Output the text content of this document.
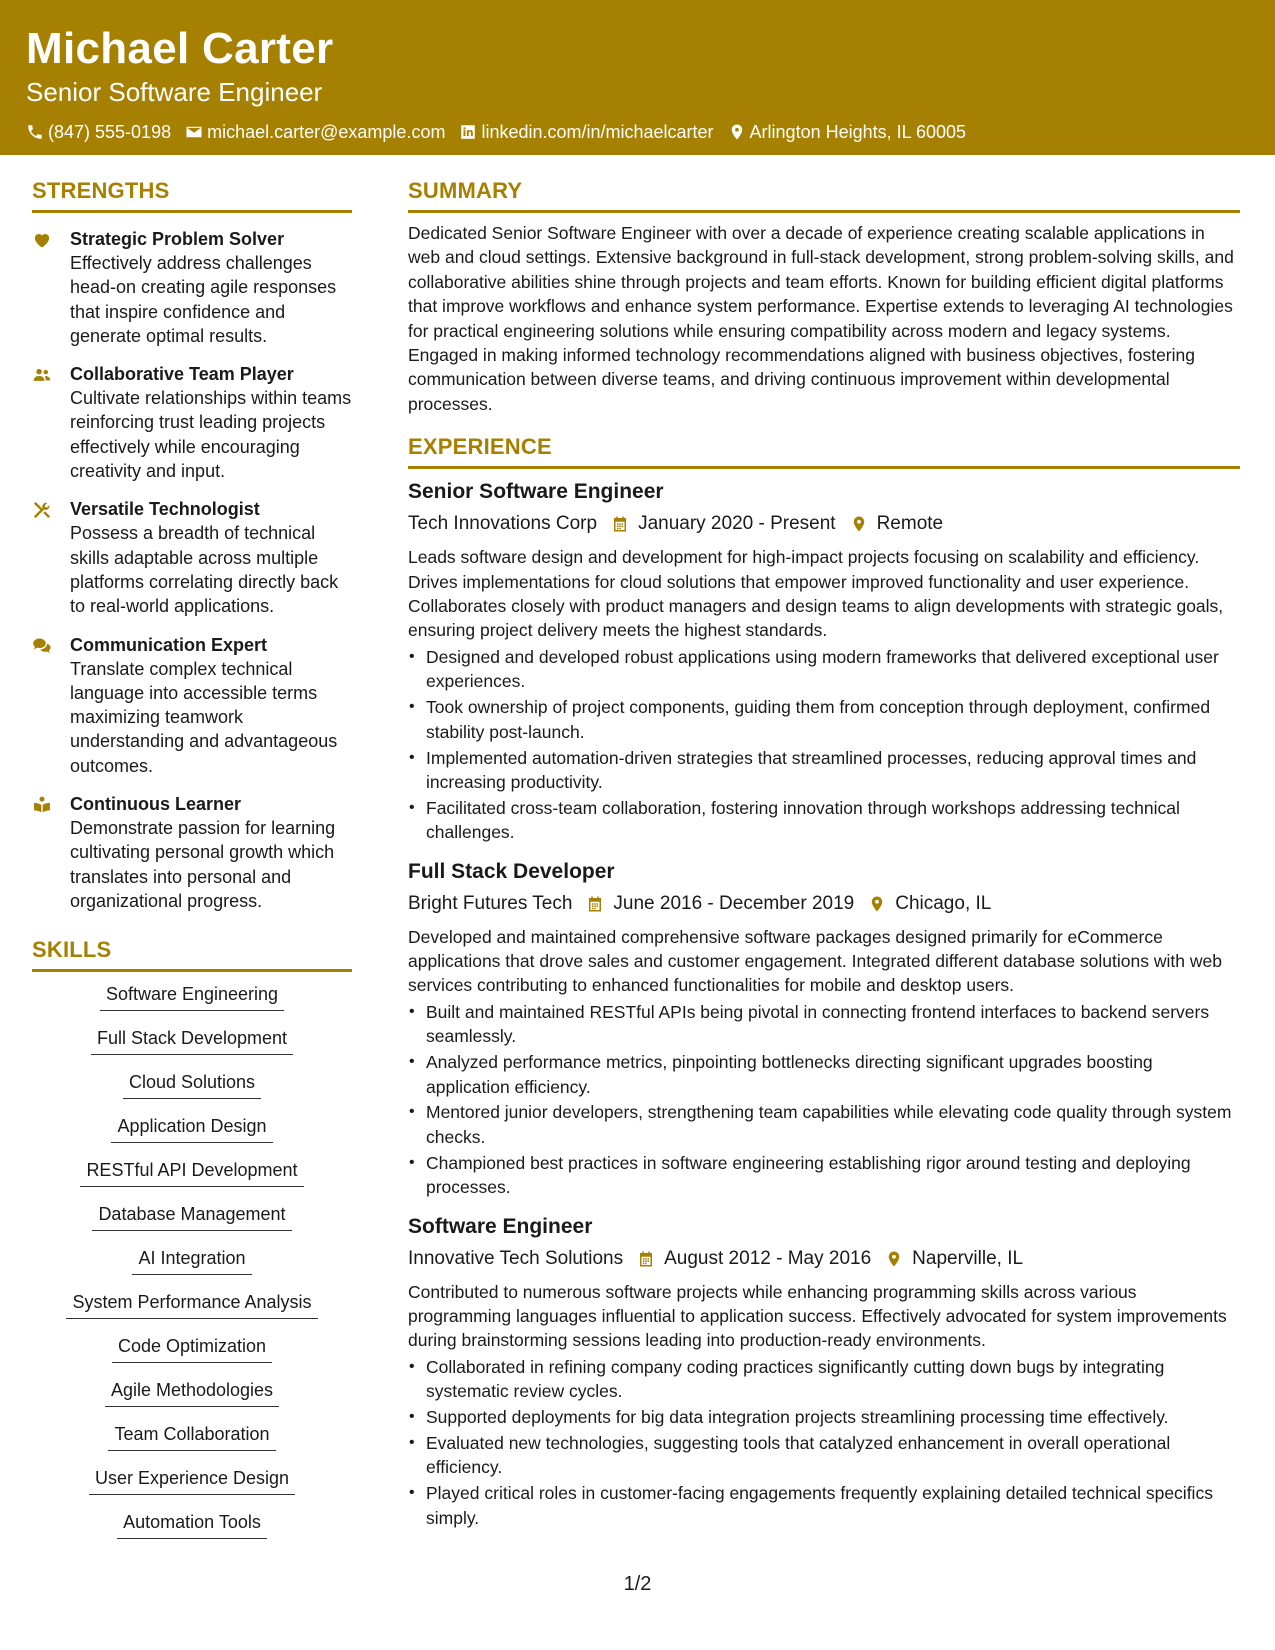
Michael Carter
Senior Software Engineer
(847) 555-0198 michael.carter@example.com linkedin.com/in/michaelcarter Arlington Heights, IL 60005
STRENGTHS
Strategic Problem Solver
Effectively address challenges head-on creating agile responses that inspire confidence and generate optimal results.
Collaborative Team Player
Cultivate relationships within teams reinforcing trust leading projects effectively while encouraging creativity and input.
Versatile Technologist
Possess a breadth of technical skills adaptable across multiple platforms correlating directly back to real-world applications.
Communication Expert
Translate complex technical language into accessible terms maximizing teamwork understanding and advantageous outcomes.
Continuous Learner
Demonstrate passion for learning cultivating personal growth which translates into personal and organizational progress.
SKILLS
Software Engineering
Full Stack Development
Cloud Solutions
Application Design
RESTful API Development
Database Management
AI Integration
System Performance Analysis
Code Optimization
Agile Methodologies
Team Collaboration
User Experience Design
Automation Tools
SUMMARY
Dedicated Senior Software Engineer with over a decade of experience creating scalable applications in web and cloud settings. Extensive background in full-stack development, strong problem-solving skills, and collaborative abilities shine through projects and team efforts. Known for building efficient digital platforms that improve workflows and enhance system performance. Expertise extends to leveraging AI technologies for practical engineering solutions while ensuring compatibility across modern and legacy systems. Engaged in making informed technology recommendations aligned with business objectives, fostering communication between diverse teams, and driving continuous improvement within developmental processes.
EXPERIENCE
Senior Software Engineer
Tech Innovations Corp January 2020 - Present Remote
Leads software design and development for high-impact projects focusing on scalability and efficiency. Drives implementations for cloud solutions that empower improved functionality and user experience. Collaborates closely with product managers and design teams to align developments with strategic goals, ensuring project delivery meets the highest standards.
• Designed and developed robust applications using modern frameworks that delivered exceptional user experiences.
• Took ownership of project components, guiding them from conception through deployment, confirmed stability post-launch.
• Implemented automation-driven strategies that streamlined processes, reducing approval times and increasing productivity.
• Facilitated cross-team collaboration, fostering innovation through workshops addressing technical challenges.
Full Stack Developer
Bright Futures Tech June 2016 - December 2019 Chicago, IL
Developed and maintained comprehensive software packages designed primarily for eCommerce applications that drove sales and customer engagement. Integrated different database solutions with web services contributing to enhanced functionalities for mobile and desktop users.
• Built and maintained RESTful APIs being pivotal in connecting frontend interfaces to backend servers seamlessly.
• Analyzed performance metrics, pinpointing bottlenecks directing significant upgrades boosting application efficiency.
• Mentored junior developers, strengthening team capabilities while elevating code quality through system checks.
• Championed best practices in software engineering establishing rigor around testing and deploying processes.
Software Engineer
Innovative Tech Solutions August 2012 - May 2016 Naperville, IL
Contributed to numerous software projects while enhancing programming skills across various programming languages influential to application success. Effectively advocated for system improvements during brainstorming sessions leading into production-ready environments.
• Collaborated in refining company coding practices significantly cutting down bugs by integrating systematic review cycles.
• Supported deployments for big data integration projects streamlining processing time effectively.
• Evaluated new technologies, suggesting tools that catalyzed enhancement in overall operational efficiency.
• Played critical roles in customer-facing engagements frequently explaining detailed technical specifics simply.
1/2
